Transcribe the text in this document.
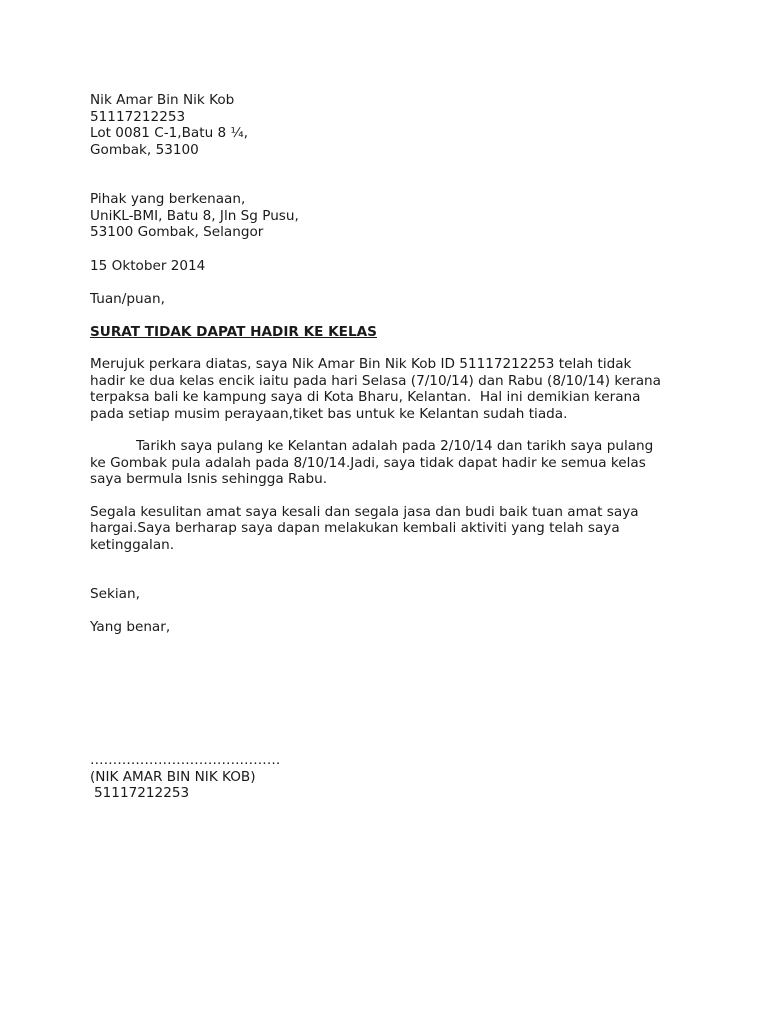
Nik Amar Bin Nik Kob
51117212253
Lot 0081 C-1,Batu 8 ¼,
Gombak, 53100
Pihak yang berkenaan,
UniKL-BMI, Batu 8, Jln Sg Pusu,
53100 Gombak, Selangor
15 Oktober 2014
Tuan/puan,
SURAT TIDAK DAPAT HADIR KE KELAS
Merujuk perkara diatas, saya Nik Amar Bin Nik Kob ID 51117212253 telah tidak
hadir ke dua kelas encik iaitu pada hari Selasa (7/10/14) dan Rabu (8/10/14) kerana
terpaksa bali ke kampung saya di Kota Bharu, Kelantan.  Hal ini demikian kerana
pada setiap musim perayaan,tiket bas untuk ke Kelantan sudah tiada.
Tarikh saya pulang ke Kelantan adalah pada 2/10/14 dan tarikh saya pulang
ke Gombak pula adalah pada 8/10/14.Jadi, saya tidak dapat hadir ke semua kelas
saya bermula Isnis sehingga Rabu.
Segala kesulitan amat saya kesali dan segala jasa dan budi baik tuan amat saya
hargai.Saya berharap saya dapan melakukan kembali aktiviti yang telah saya
ketinggalan.
Sekian,
Yang benar,
……………………………………
(NIK AMAR BIN NIK KOB)
51117212253
